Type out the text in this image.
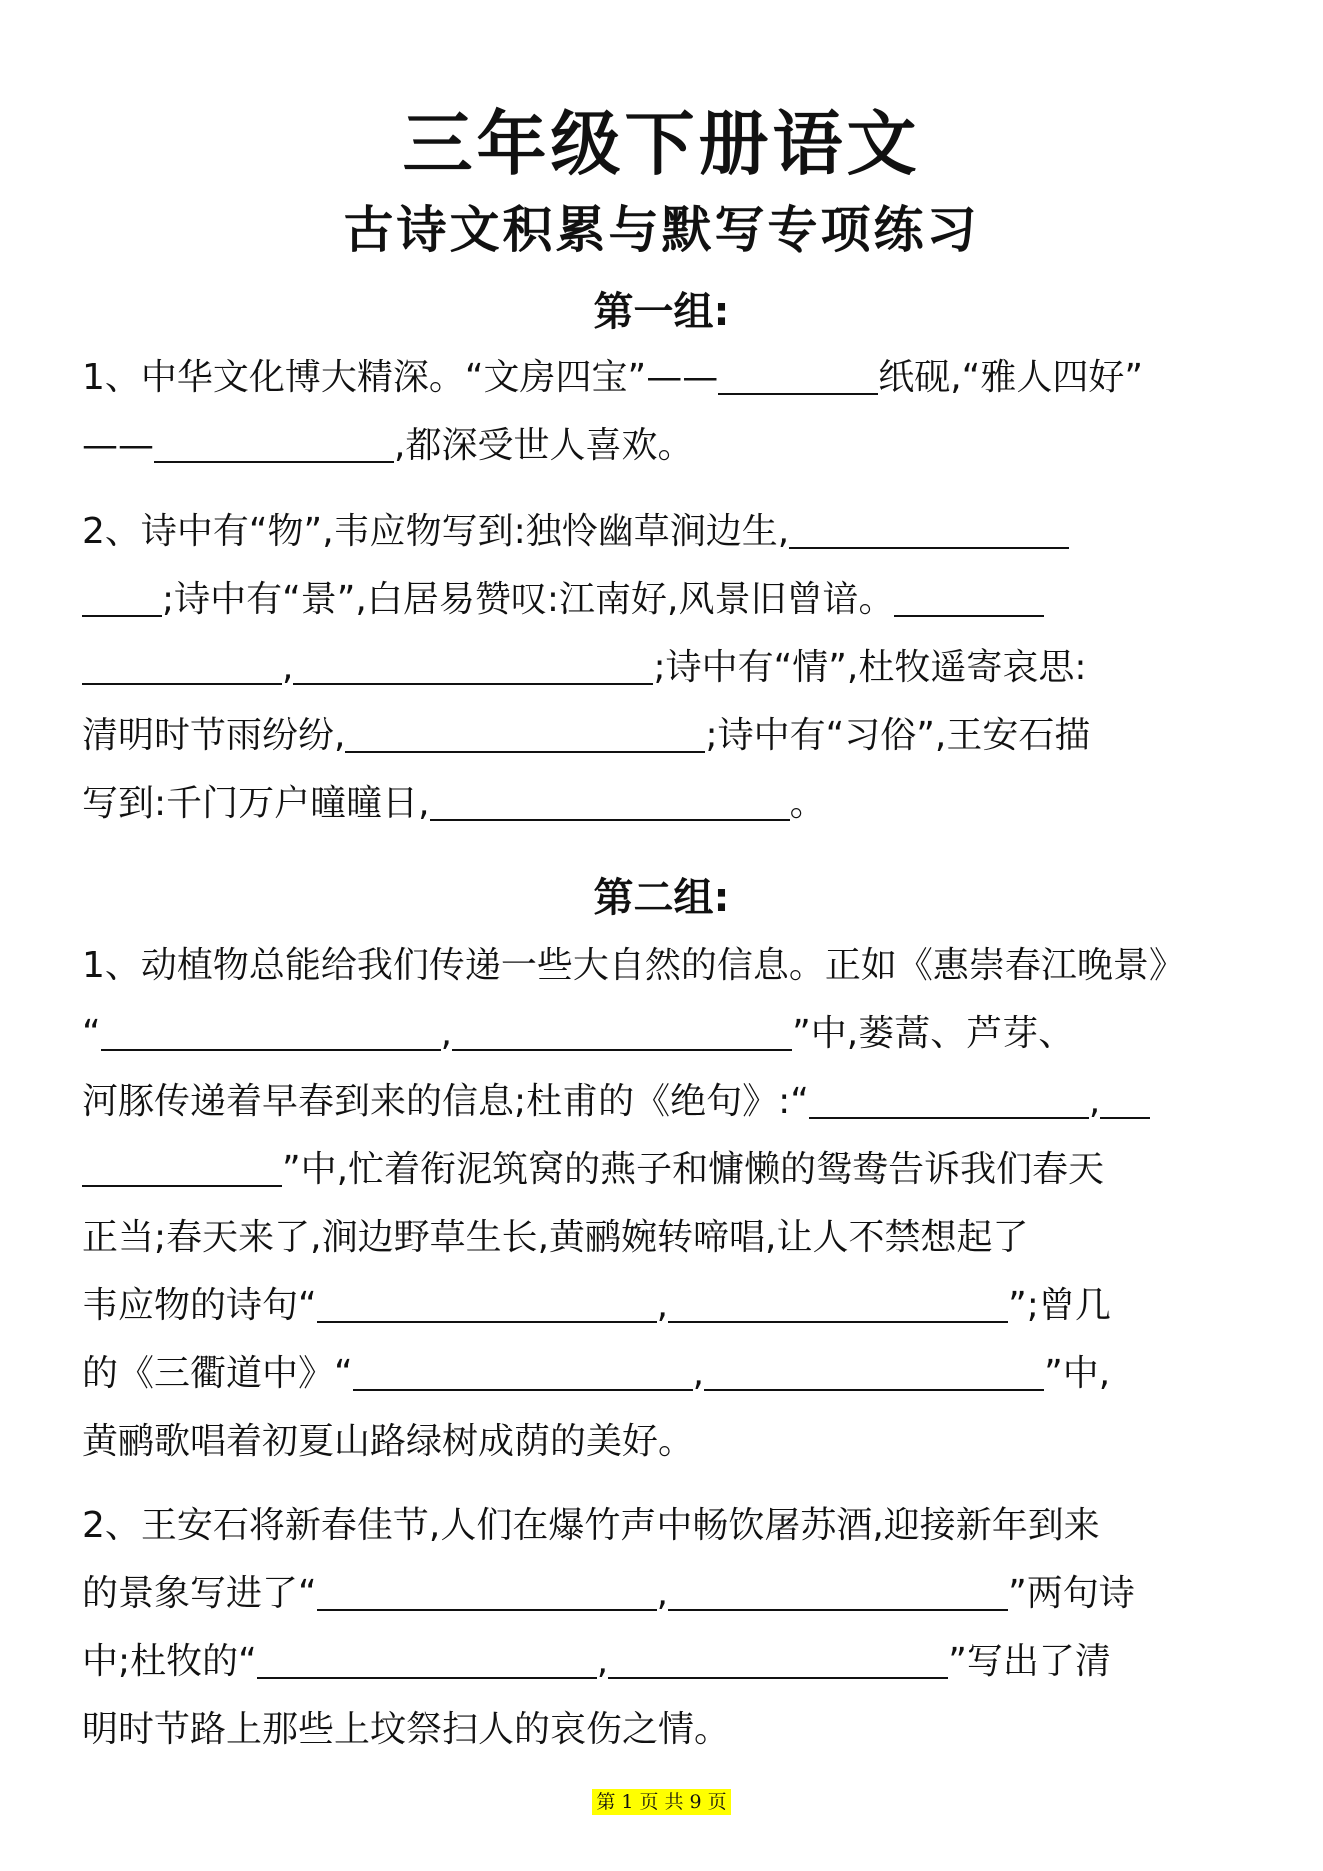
三年级下册语文
古诗文积累与默写专项练习
第一组:
1、中华文化博大精深。“文房四宝”——	纸砚,“雅人四好”
——	,都深受世人喜欢。
2、诗中有“物”,韦应物写到:独怜幽草涧边生,
;诗中有“景”,白居易赞叹:江南好,风景旧曾谙。
,	;诗中有“情”,杜牧遥寄哀思:
清明时节雨纷纷,	;诗中有“习俗”,王安石描
写到:千门万户曈曈日,	。
第二组:
1、动植物总能给我们传递一些大自然的信息。正如《惠崇春江晚景》
“	,	”中,蒌蒿、芦芽、
河豚传递着早春到来的信息;杜甫的《绝句》:“	,
”中,忙着衔泥筑窝的燕子和慵懒的鸳鸯告诉我们春天
正当;春天来了,涧边野草生长,黄鹂婉转啼唱,让人不禁想起了
韦应物的诗句“	,	”;曾几
的《三衢道中》“	,	”中,
黄鹂歌唱着初夏山路绿树成荫的美好。
2、王安石将新春佳节,人们在爆竹声中畅饮屠苏酒,迎接新年到来
的景象写进了“	,	”两句诗
中;杜牧的“	,	”写出了清
明时节路上那些上坟祭扫人的哀伤之情。
第 1 页 共 9 页
